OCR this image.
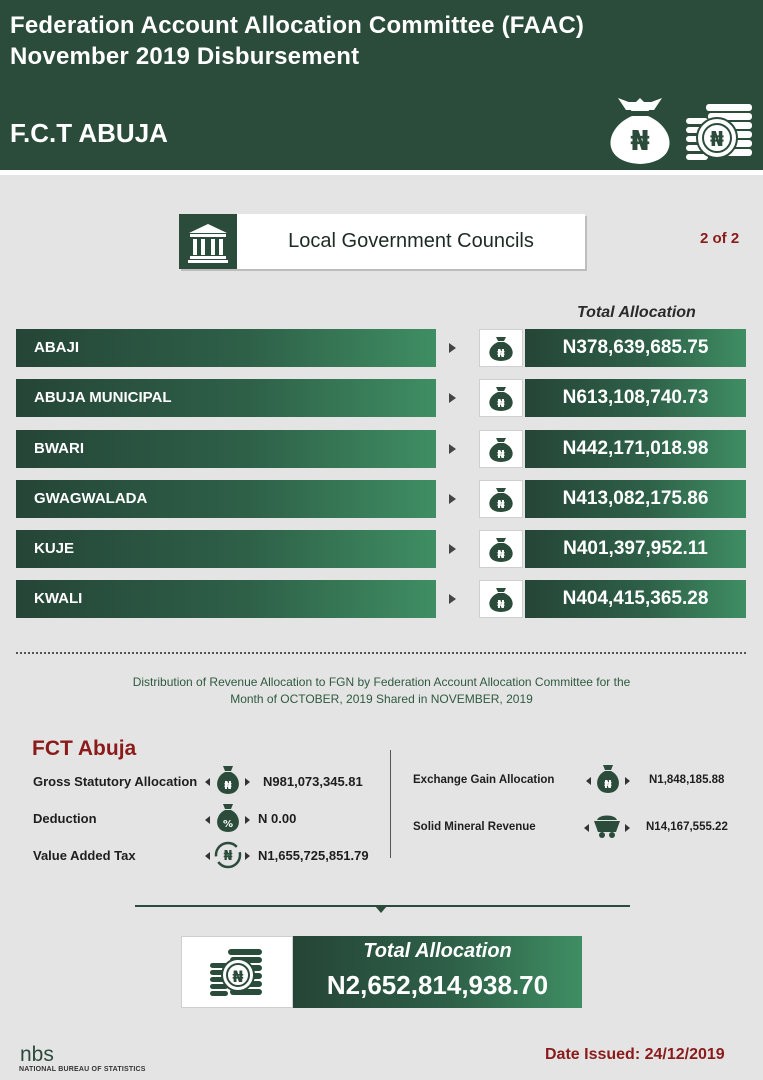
Federation Account Allocation Committee (FAAC)
November 2019 Disbursement
F.C.T ABUJA	₦	₦
Local Government Councils	2 of 2
Total Allocation
ABAJI	₦	N378,639,685.75
ABUJA MUNICIPAL	₦	N613,108,740.73
BWARI	₦	N442,171,018.98
GWAGWALADA	₦	N413,082,175.86
KUJE	₦	N401,397,952.11
KWALI	₦	N404,415,365.28
Distribution of Revenue Allocation to FGN by Federation Account Allocation Committee for the
Month of OCTOBER, 2019 Shared in NOVEMBER, 2019
FCT Abuja
Gross Statutory Allocation ₦ N981,073,345.81
Deduction	% N 0.00
Value Added Tax	₦ N1,655,725,851.79
Exchange Gain Allocation	₦	N1,848,185.88
Solid Mineral Revenue	N14,167,555.22
₦
Total Allocation
N2,652,814,938.70
nbs
NATIONAL BUREAU OF STATISTICS
Date Issued: 24/12/2019
